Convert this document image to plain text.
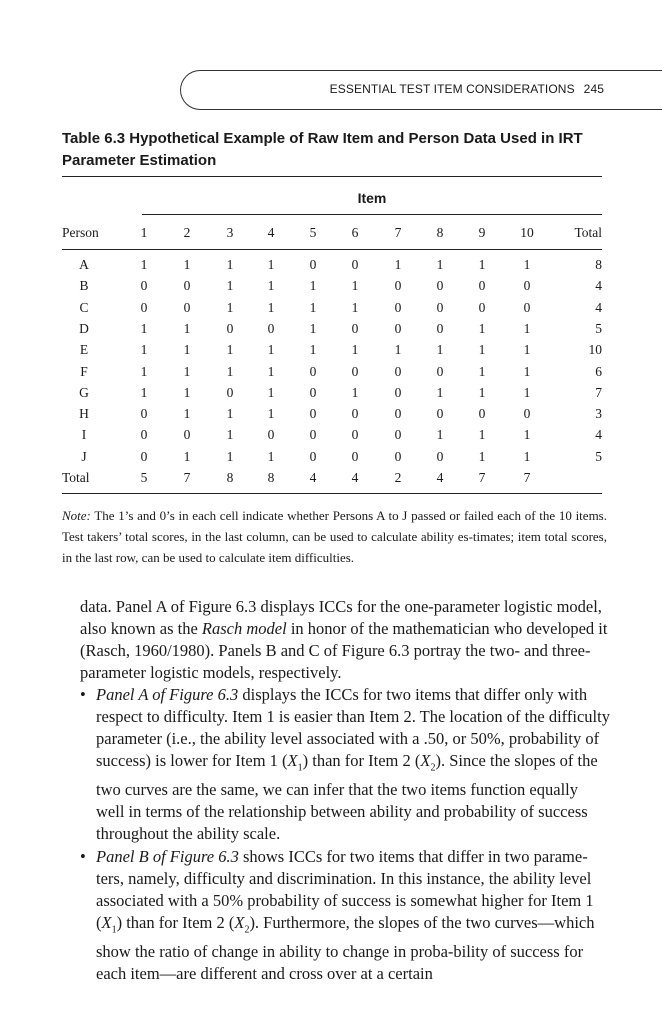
ESSENTIAL TEST ITEM CONSIDERATIONS 245
Table 6.3 Hypothetical Example of Raw Item and Person Data Used in IRT Parameter Estimation
Item
Person	1	2	3	4	5	6	7	8	9	10	Total
A	1	1	1	1	0	0	1	1	1	1	8
B	0	0	1	1	1	1	0	0	0	0	4
C	0	0	1	1	1	1	0	0	0	0	4
D	1	1	0	0	1	0	0	0	1	1	5
E	1	1	1	1	1	1	1	1	1	1	10
F	1	1	1	1	0	0	0	0	1	1	6
G	1	1	0	1	0	1	0	1	1	1	7
H	0	1	1	1	0	0	0	0	0	0	3
I	0	0	1	0	0	0	0	1	1	1	4
J	0	1	1	1	0	0	0	0	1	1	5
Total	5	7	8	8	4	4	2	4	7	7
Note: The 1’s and 0’s in each cell indicate whether Persons A to J passed or failed each of the 10 items. Test takers’ total scores, in the last column, can be used to calculate ability es-timates; item total scores, in the last row, can be used to calculate item difficulties.
data. Panel A of Figure 6.3 displays ICCs for the one-parameter logistic model, also known as the Rasch model in honor of the mathematician who developed it (Rasch, 1960/1980). Panels B and C of Figure 6.3 portray the two- and three-parameter logistic models, respectively.
• Panel A of Figure 6.3 displays the ICCs for two items that differ only with respect to difficulty. Item 1 is easier than Item 2. The location of the difficulty parameter (i.e., the ability level associated with a .50, or 50%, probability of success) is lower for Item 1 $(X_1)$ than for Item 2 $(X_2)$. Since the slopes of the two curves are the same, we can infer that the two items function equally well in terms of the relationship between ability and probability of success throughout the ability scale.
• Panel B of Figure 6.3 shows ICCs for two items that differ in two parame-ters, namely, difficulty and discrimination. In this instance, the ability level associated with a 50% probability of success is somewhat higher for Item 1 $(X_1)$ than for Item 2 $(X_2)$. Furthermore, the slopes of the two curves—which show the ratio of change in ability to change in proba-bility of success for each item—are different and cross over at a certain
